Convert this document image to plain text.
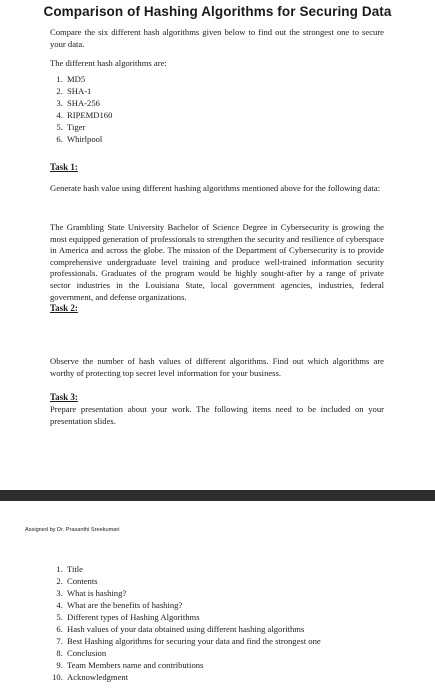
Comparison of Hashing Algorithms for Securing Data
Compare the six different hash algorithms given below to find out the strongest one to secure your data.
The different hash algorithms are:
1. MD5
2. SHA-1
3. SHA-256
4. RIPEMD160
5. Tiger
6. Whirlpool
Task 1:
Generate hash value using different hashing algorithms mentioned above for the following data:
The Grambling State University Bachelor of Science Degree in Cybersecurity is growing the most equipped generation of professionals to strengthen the security and resilience of cyberspace in America and across the globe. The mission of the Department of Cybersecurity is to provide comprehensive undergraduate level training and produce well-trained information security professionals. Graduates of the program would be highly sought-after by a range of private sector industries in the Louisiana State, local government agencies, industries, federal government, and defense organizations.
Task 2:
Observe the number of hash values of different algorithms. Find out which algorithms are worthy of protecting top secret level information for your business.
Task 3:
Prepare presentation about your work. The following items need to be included on your presentation slides.
Assigned by Dr. Prasanthi Sreekumari
1. Title
2. Contents
3. What is hashing?
4. What are the benefits of hashing?
5. Different types of Hashing Algorithms
6. Hash values of your data obtained using different hashing algorithms
7. Best Hashing algorithms for securing your data and find the strongest one
8. Conclusion
9. Team Members name and contributions
10. Acknowledgment
